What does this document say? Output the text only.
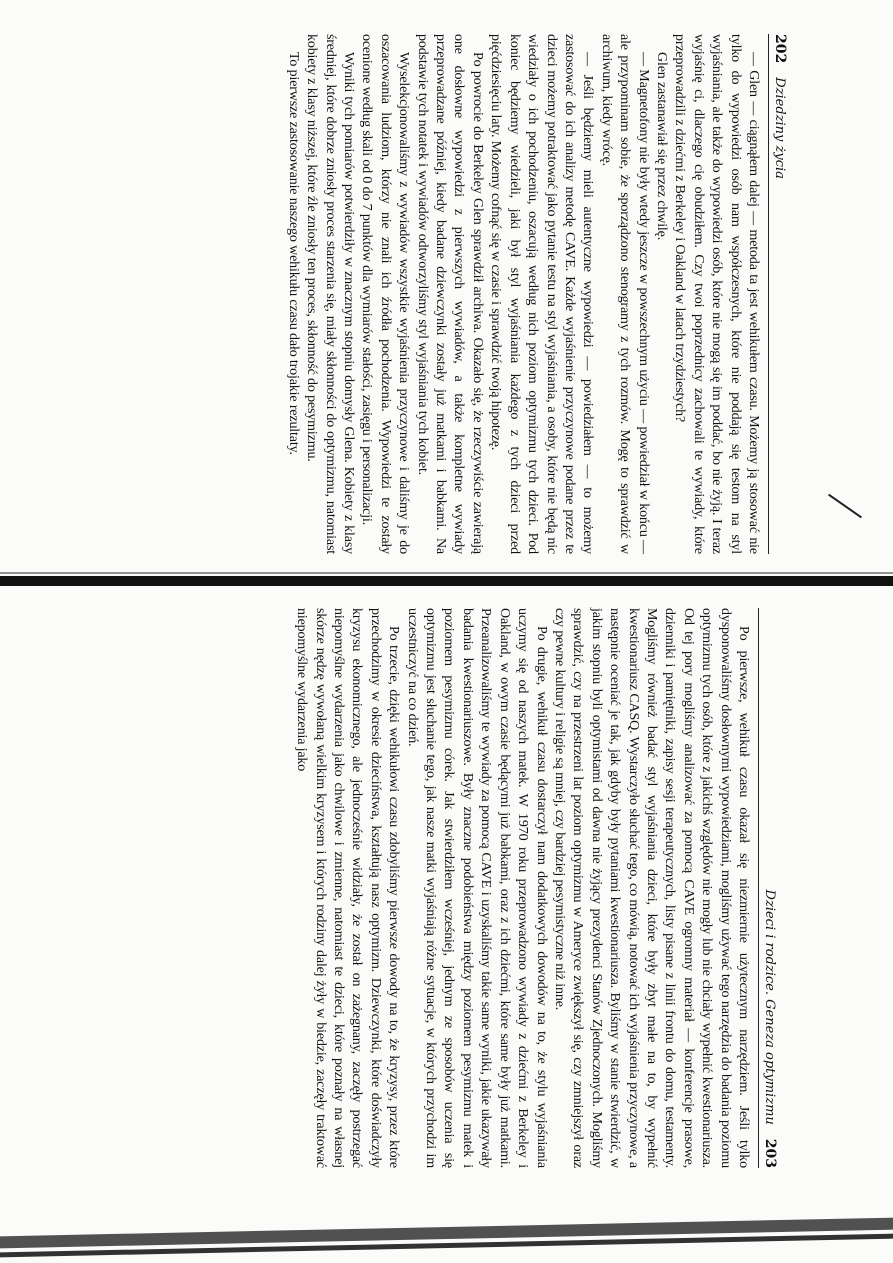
202
Dziedziny życia

— Glen — ciągnąłem dalej — metoda ta jest wehikułem czasu. Możemy ją stosować nie tylko do wypowiedzi osób nam współczesnych, które nie poddają się testom na styl wyjaśniania, ale także do wypowiedzi osób, które nie mogą się im poddać, bo nie żyją. I teraz wyjaśnię ci, dlaczego cię obudziłem. Czy twoi poprzednicy zachowali te wywiady, które przeprowadzili z dziećmi z Berkeley i Oakland w latach trzydziestych?

Glen zastanawiał się przez chwilę.

— Magnetofony nie były wtedy jeszcze w powszechnym użyciu — powiedział w końcu — ale przypominam sobie, że sporządzono stenogramy z tych rozmów. Mogę to sprawdzić w archiwum, kiedy wrócę.

— Jeśli będziemy mieli autentyczne wypowiedzi — powiedziałem — to możemy zastosować do ich analizy metodę CAVE. Każde wyjaśnienie przyczynowe podane przez te dzieci możemy potraktować jako pytanie testu na styl wyjaśniania, a osoby, które nie będą nic wiedziały o ich pochodzeniu, oszacują według nich poziom optymizmu tych dzieci. Pod koniec będziemy wiedzieli, jaki był styl wyjaśniania każdego z tych dzieci przed pięćdziesięciu laty. Możemy cofnąć się w czasie i sprawdzić twoją hipotezę.

Po powrocie do Berkeley Glen sprawdził archiwa. Okazało się, że rzeczywiście zawierają one dosłowne wypowiedzi z pierwszych wywiadów, a także kompletne wywiady przeprowadzane później, kiedy badane dziewczynki zostały już matkami i babkami. Na podstawie tych notatek i wywiadów odtworzyliśmy styl wyjaśniania tych kobiet.

Wyselekcjonowaliśmy z wywiadów wszystkie wyjaśnienia przyczynowe i daliśmy je do oszacowania ludziom, którzy nie znali ich źródła pochodzenia. Wypowiedzi te zostały ocenione według skali od 0 do 7 punktów dla wymiarów stałości, zasięgu i personalizacji.

Wyniki tych pomiarów potwierdziły w znacznym stopniu domysły Glena. Kobiety z klasy średniej, które dobrze zniosły proces starzenia się, miały skłonności do optymizmu, natomiast kobiety z klasy niższej, które źle zniosły ten proces, skłonność do pesymizmu.

To pierwsze zastosowanie naszego wehikułu czasu dało trojakie rezultaty.

Dzieci i rodzice. Geneza optymizmu
203

Po pierwsze, wehikuł czasu okazał się niezmiernie użytecznym narzędziem. Jeśli tylko dysponowaliśmy dosłownymi wypowiedziami, mogliśmy używać tego narzędzia do badania poziomu optymizmu tych osób, które z jakichś względów nie mogły lub nie chciały wypełnić kwestionariusza. Od tej pory mogliśmy analizować za pomocą CAVE ogromny materiał — konferencje prasowe, dzienniki i pamiętniki, zapisy sesji terapeutycznych, listy pisane z linii frontu do domu, testamenty. Mogliśmy również badać styl wyjaśniania dzieci, które były zbyt małe na to, by wypełnić kwestionariusz CASQ. Wystarczyło słuchać tego, co mówią, notować ich wyjaśnienia przyczynowe, a następnie oceniać je tak, jak gdyby były pytaniami kwestionariusza. Byliśmy w stanie stwierdzić, w jakim stopniu byli optymistami od dawna nie żyjący prezydenci Stanów Zjednoczonych. Mogliśmy sprawdzić, czy na przestrzeni lat poziom optymizmu w Ameryce zwiększył się, czy zmniejszył oraz czy pewne kultury i religie są mniej, czy bardziej pesymistyczne niż inne.

Po drugie, wehikuł czasu dostarczył nam dodatkowych dowodów na to, że stylu wyjaśniania uczymy się od naszych matek. W 1970 roku przeprowadzono wywiady z dziećmi z Berkeley i Oakland, w owym czasie będącymi już babkami, oraz z ich dziećmi, które same były już matkami. Przeanalizowaliśmy te wywiady za pomocą CAVE i uzyskaliśmy takie same wyniki, jakie ukazywały badania kwestionariuszowe. Były znaczne podobieństwa między poziomem pesymizmu matek i poziomem pesymizmu córek. Jak stwierdziłem wcześniej, jednym ze sposobów uczenia się optymizmu jest słuchanie tego, jak nasze matki wyjaśniają różne sytuacje, w których przychodzi im uczestniczyć na co dzień.

Po trzecie, dzięki wehikułowi czasu zdobyliśmy pierwsze dowody na to, że kryzysy, przez które przechodzimy w okresie dzieciństwa, kształtują nasz optymizm. Dziewczynki, które doświadczyły kryzysu ekonomicznego, ale jednocześnie widziały, że został on zażegnany, zaczęły postrzegać niepomyślne wydarzenia jako chwilowe i zmienne, natomiast te dzieci, które poznały na własnej skórze nędzę wywołaną wielkim kryzysem i których rodziny dalej żyły w biedzie, zaczęły traktować niepomyślne wydarzenia jako
